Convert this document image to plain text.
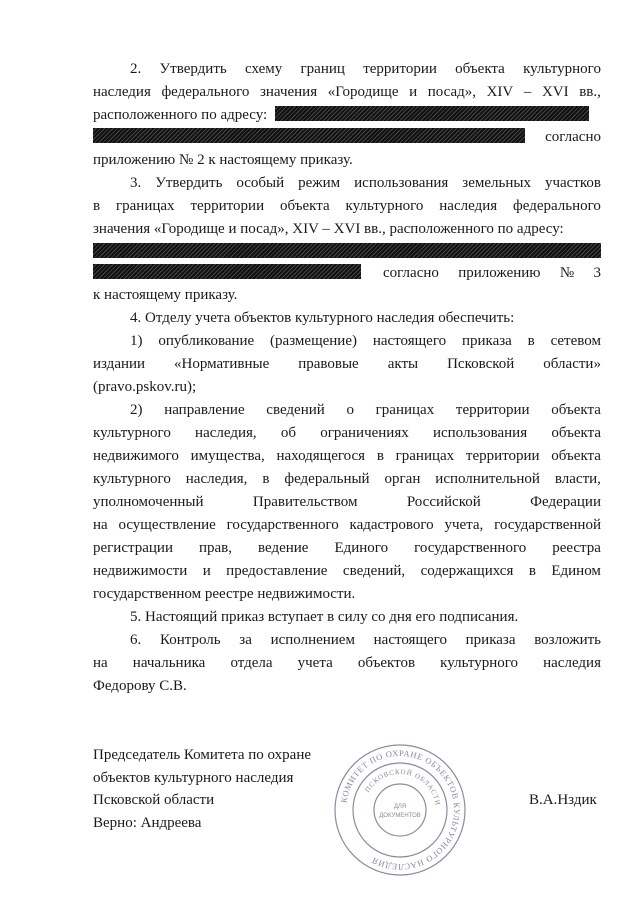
2. Утвердить схему границ территории объекта культурного
наследия федерального значения «Городище и посад», XIV – XVI вв.,
расположенного по адресу:
согласно
приложению № 2 к настоящему приказу.
3. Утвердить особый режим использования земельных участков
в границах территории объекта культурного наследия федерального
значения «Городище и посад», XIV – XVI вв., расположенного по адресу:
согласно приложению № 3
к настоящему приказу.
4. Отделу учета объектов культурного наследия обеспечить:
1) опубликование (размещение) настоящего приказа в сетевом
издании «Нормативные правовые акты Псковской области»
(pravo.pskov.ru);
2) направление сведений о границах территории объекта
культурного наследия, об ограничениях использования объекта
недвижимого имущества, находящегося в границах территории объекта
культурного наследия, в федеральный орган исполнительной власти,
уполномоченный	Правительством	Российской	Федерации
на осуществление государственного кадастрового учета, государственной
регистрации прав, ведение Единого государственного реестра
недвижимости и предоставление сведений, содержащихся в Едином
государственном реестре недвижимости.
5. Настоящий приказ вступает в силу со дня его подписания.
6. Контроль за исполнением настоящего приказа возложить
на начальника отдела учета объектов культурного наследия
Федорову С.В.
Председатель Комитета по охране
объектов культурного наследия
Псковской области
Верно: Андреева
В.А.Нздик
КОМИТЕТ ПО ОХРАНЕ ОБЪЕКТОВ КУЛЬТУРНОГО НАСЛЕДИЯ
ПСКОВСКОЙ ОБЛАСТИ
ДЛЯ
ДОКУМЕНТОВ
